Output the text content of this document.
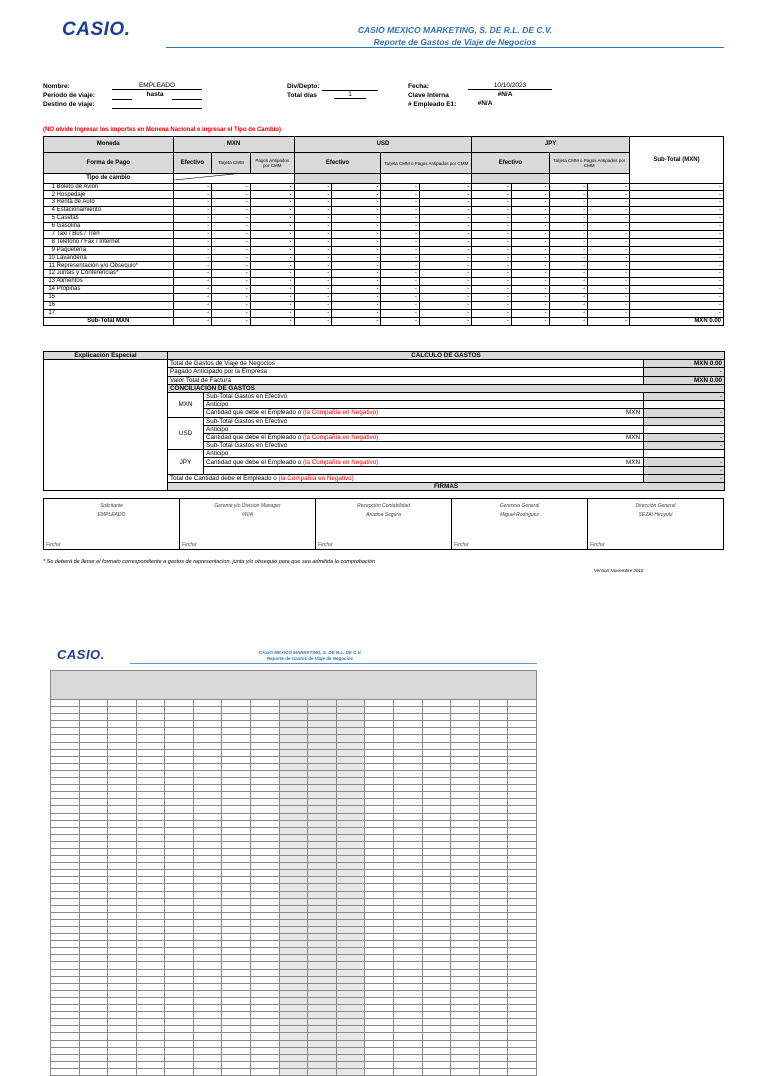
CASIO.	CASIO MEXICO MARKETING, S. DE R.L. DE C.V.
Reporte de Gastos de Viaje de Negocios
Nombre:	EMPLEADO
Periodo de viaje:	hasta
Destino de viaje:
Div/Depto:
Total días	1
Fecha:	10/10/2023
Clave Interna	#N/A
# Empleado E1:	#N/A
(NO olvide Ingresar los importes en Monena Nacional e ingresar el Tipo de Cambio)
Moneda	MXN			USD				JPY				Sub-Total (MXN)
Forma de Pago	Efectivo	Tarjeta CMM	Pagos Antipados por CMM	Efectivo		Tarjeta CMM o Pagos Antipados por CMM		Efectivo		Tarjeta CMM o Pagos Antipados por CMM		
Tipo de cambio					
1 Boleto de Avión	-	-	-	-	-	-	-	-	-	-	-	-
2 Hospedaje	-	-	-	-	-	-	-	-	-	-	-	-
3 Renta de Auto	-	-	-	-	-	-	-	-	-	-	-	-
4 Estacionamiento	-	-	-	-	-	-	-	-	-	-	-	-
5 Casetas	-	-	-	-	-	-	-	-	-	-	-	-
6 Gasolina	-	-	-	-	-	-	-	-	-	-	-	-
7 Taxi / Bus / Tren	-	-	-	-	-	-	-	-	-	-	-	-
8 Teléfono / Fax / Internet	-	-	-	-	-	-	-	-	-	-	-	-
9 Paquetería	-	-	-	-	-	-	-	-	-	-	-	-
10 Lavandería	-	-	-	-	-	-	-	-	-	-	-	-
11 Representación y/o Obsequio*	-	-	-	-	-	-	-	-	-	-	-	-
12 Juntas y Conferencias*	-	-	-	-	-	-	-	-	-	-	-	-
13 Alimentos	-	-	-	-	-	-	-	-	-	-	-	-
14 Propinas	-	-	-	-	-	-	-	-	-	-	-	-
15	-	-	-	-	-	-	-	-	-	-	-	-
16	-	-	-	-	-	-	-	-	-	-	-	-
17	-	-	-	-	-	-	-	-	-	-	-	-
Sub-Total MXN	-	-	-	-	-	-	-	-	-	-	-	MXN 0.00
Explicación Especial	CÁLCULO DE GASTOS		
	Total de Gastos de Viaje de Negocios		MXN 0.00
	Pagado Anticipado por la Empresa		-
	Valor Total de Factura		MXN 0.00
	CONCILIACIÓN DE GASTOS		
	MXN	Sub-Total Gastos en Efectivo	-
		Anticipo	
		Cantidad que debe el Empleado o (la Compañía en Negativo) MXN	-
	USD	Sub-Total Gastos en Efectivo	-
		Anticipo	
		Cantidad que debe el Empleado o (la Compañía en Negativo) MXN	-
		Sub-Total Gastos en Efectivo	-
	JPY	Anticipo	
		Cantidad que debe el Empleado o (la Compañía en Negativo) MXN	-
			-
	Total de Cantidad debe el Empleado o (la Compañía en Negativo)		-
	FIRMAS		
Solicitante
EMPLEADO
Fecha:

Gerente y/o Division Manager
#N/A
Fecha:

Recepción Contabilidad
Ariadna Segura
Fecha:

Gerencia General
Miguel Rodriguez
Fecha:

Dirección General
SEZAI Hiroyuki
Fecha:
* Se deberá de llenar el formato correspondiente a gastos de representacion, junta y/o obsequio para que sea admitida la comprobación
Version Noviembre 2016
CASIO.	CASIO MEXICO MARKETING, S. DE R.L. DE C.V.
Reporte de Gastos de Viaje de Negocios
